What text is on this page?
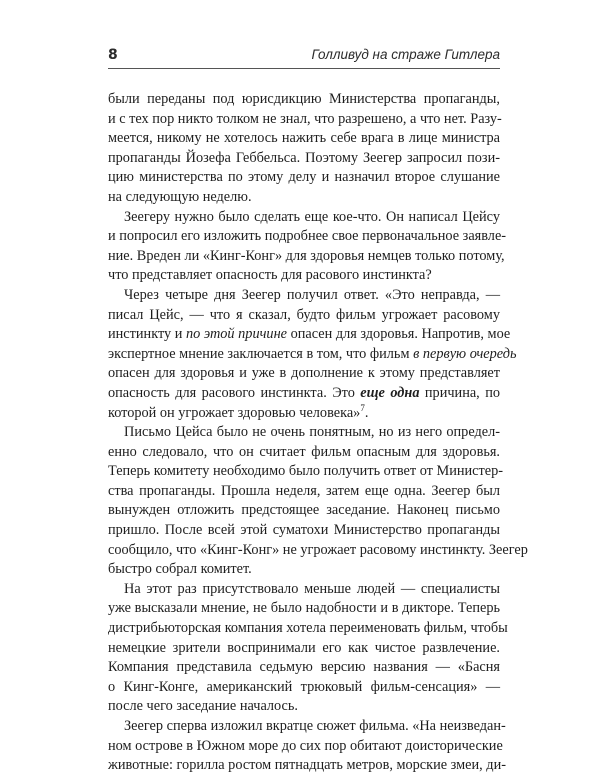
8	Голливуд на страже Гитлера
были переданы под юрисдикцию Министерства пропаганды,
и с тех пор никто толком не знал, что разрешено, а что нет. Разу-
меется, никому не хотелось нажить себе врага в лице министра
пропаганды Йозефа Геббельса. Поэтому Зеегер запросил пози-
цию министерства по этому делу и назначил второе слушание
на следующую неделю.
Зеегеру нужно было сделать еще кое-что. Он написал Цейсу
и попросил его изложить подробнее свое первоначальное заявле-
ние. Вреден ли «Кинг-Конг» для здоровья немцев только потому,
что представляет опасность для расового инстинкта?
Через четыре дня Зеегер получил ответ. «Это неправда, —
писал Цейс, — что я сказал, будто фильм угрожает расовому
инстинкту и по этой причине опасен для здоровья. Напротив, мое
экспертное мнение заключается в том, что фильм в первую очередь
опасен для здоровья и уже в дополнение к этому представляет
опасность для расового инстинкта. Это еще одна причина, по
которой он угрожает здоровью человека»$^7$.
Письмо Цейса было не очень понятным, но из него определ-
енно следовало, что он считает фильм опасным для здоровья.
Теперь комитету необходимо было получить ответ от Министер-
ства пропаганды. Прошла неделя, затем еще одна. Зеегер был
вынужден отложить предстоящее заседание. Наконец письмо
пришло. После всей этой суматохи Министерство пропаганды
сообщило, что «Кинг-Конг» не угрожает расовому инстинкту. Зеегер
быстро собрал комитет.
На этот раз присутствовало меньше людей — специалисты
уже высказали мнение, не было надобности и в дикторе. Теперь
дистрибьюторская компания хотела переименовать фильм, чтобы
немецкие зрители воспринимали его как чистое развлечение.
Компания представила седьмую версию названия — «Басня
о Кинг-Конге, американский трюковый фильм-сенсация» —
после чего заседание началось.
Зеегер сперва изложил вкратце сюжет фильма. «На неизведан-
ном острове в Южном море до сих пор обитают доисторические
животные: горилла ростом пятнадцать метров, морские змеи, ди-
